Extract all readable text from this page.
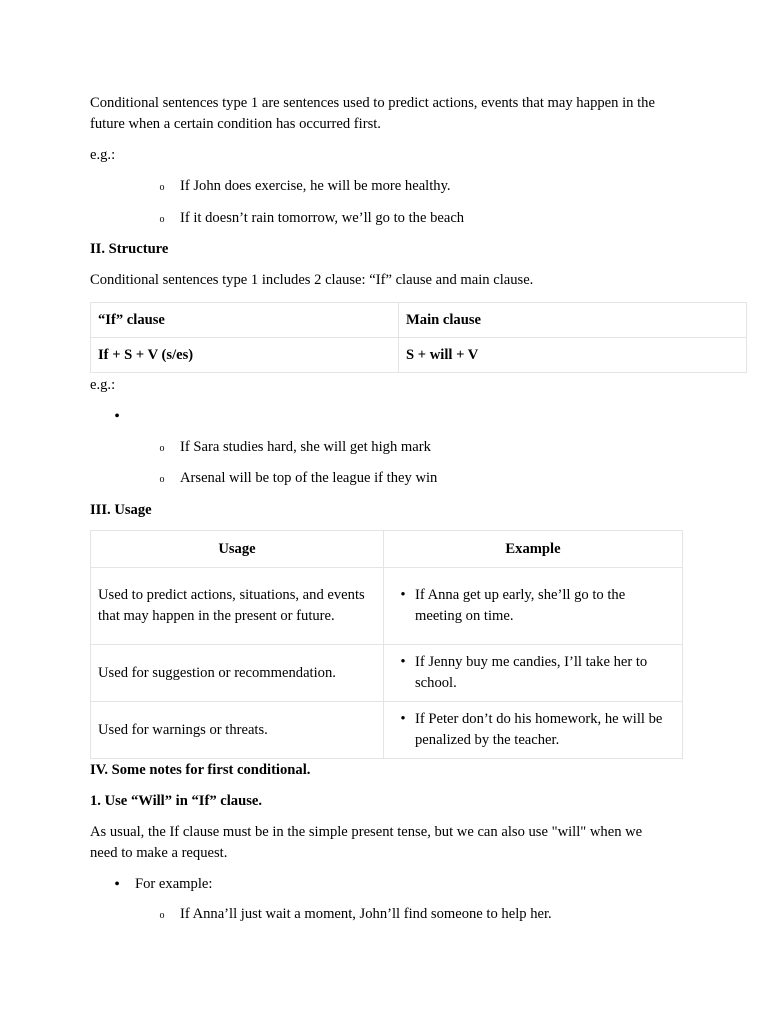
Conditional sentences type 1 are sentences used to predict actions, events that may happen in the future when a certain condition has occurred first.
e.g.:
o If John does exercise, he will be more healthy.
o If it doesn’t rain tomorrow, we’ll go to the beach
II. Structure
Conditional sentences type 1 includes 2 clause: “If” clause and main clause.
“If” clause	Main clause
If + S + V (s/es)	S + will + V
e.g.:
•
o If Sara studies hard, she will get high mark
o Arsenal will be top of the league if they win
III. Usage
Usage	Example
Used to predict actions, situations, and events that may happen in the present or future.	• If Anna get up early, she’ll go to the meeting on time.

Used for suggestion or recommendation.	• If Jenny buy me candies, I’ll take her to school.

Used for warnings or threats.	• If Peter don’t do his homework, he will be penalized by the teacher.
IV. Some notes for first conditional.
1. Use “Will” in “If” clause.
As usual, the If clause must be in the simple present tense, but we can also use "will" when we need to make a request.
• For example:
o If Anna’ll just wait a moment, John’ll find someone to help her.
